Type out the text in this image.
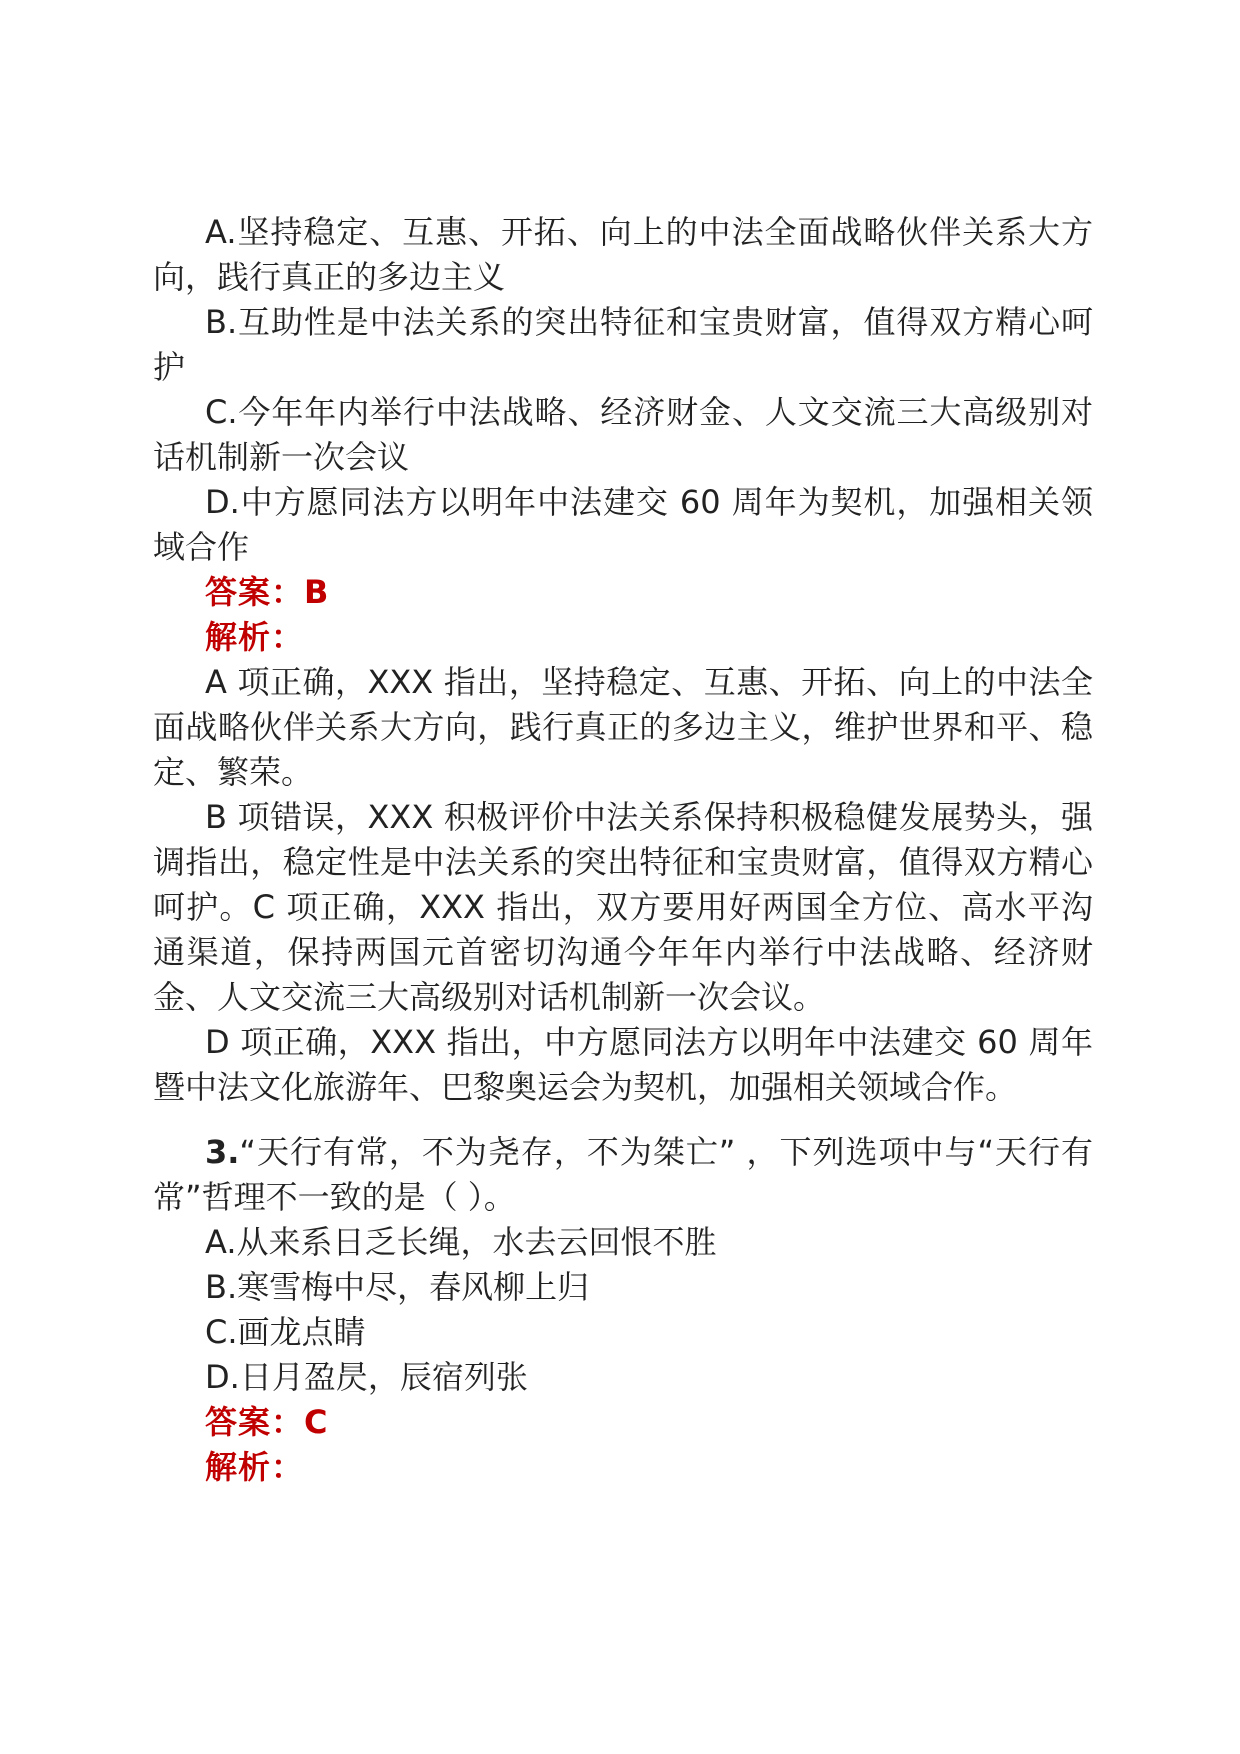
A.坚持稳定、互惠、开拓、向上的中法全面战略伙伴关系大方向，践行真正的多边主义

B.互助性是中法关系的突出特征和宝贵财富，值得双方精心呵护

C.今年年内举行中法战略、经济财金、人文交流三大高级别对话机制新一次会议

D.中方愿同法方以明年中法建交 60 周年为契机，加强相关领域合作

答案：B

解析：

A 项正确，XXX 指出，坚持稳定、互惠、开拓、向上的中法全面战略伙伴关系大方向，践行真正的多边主义，维护世界和平、稳定、繁荣。

B 项错误，XXX 积极评价中法关系保持积极稳健发展势头，强调指出，稳定性是中法关系的突出特征和宝贵财富，值得双方精心呵护。C 项正确，XXX 指出，双方要用好两国全方位、高水平沟通渠道，保持两国元首密切沟通今年年内举行中法战略、经济财金、人文交流三大高级别对话机制新一次会议。

D 项正确，XXX 指出，中方愿同法方以明年中法建交 60 周年暨中法文化旅游年、巴黎奥运会为契机，加强相关领域合作。

3.“天行有常，不为尧存，不为桀亡” ，下列选项中与“天行有常”哲理不一致的是（ ）。

A.从来系日乏长绳，水去云回恨不胜

B.寒雪梅中尽，春风柳上归

C.画龙点睛

D.日月盈昃，辰宿列张

答案：C

解析：
